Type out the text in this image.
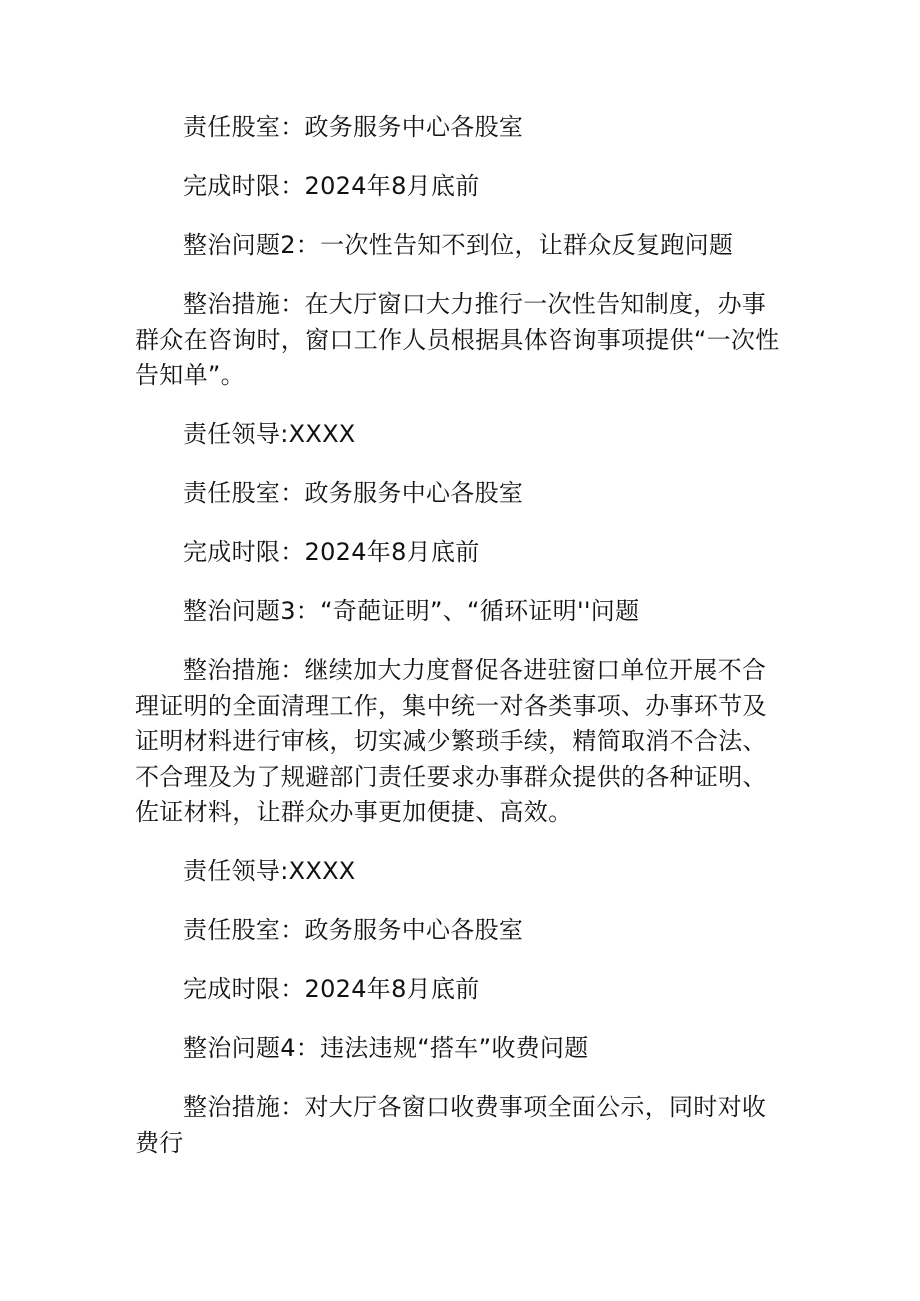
责任股室：政务服务中心各股室

完成时限：2024年8月底前

整治问题2：一次性告知不到位，让群众反复跑问题

整治措施：在大厅窗口大力推行一次性告知制度，办事群众在咨询时，窗口工作人员根据具体咨询事项提供“一次性告知单”。

责任领导:XXXX

责任股室：政务服务中心各股室

完成时限：2024年8月底前

整治问题3：“奇葩证明”、“循环证明''问题

整治措施：继续加大力度督促各进驻窗口单位开展不合理证明的全面清理工作，集中统一对各类事项、办事环节及证明材料进行审核，切实减少繁琐手续，精简取消不合法、不合理及为了规避部门责任要求办事群众提供的各种证明、佐证材料，让群众办事更加便捷、高效。

责任领导:XXXX

责任股室：政务服务中心各股室

完成时限：2024年8月底前

整治问题4：违法违规“搭车”收费问题

整治措施：对大厅各窗口收费事项全面公示，同时对收费行
